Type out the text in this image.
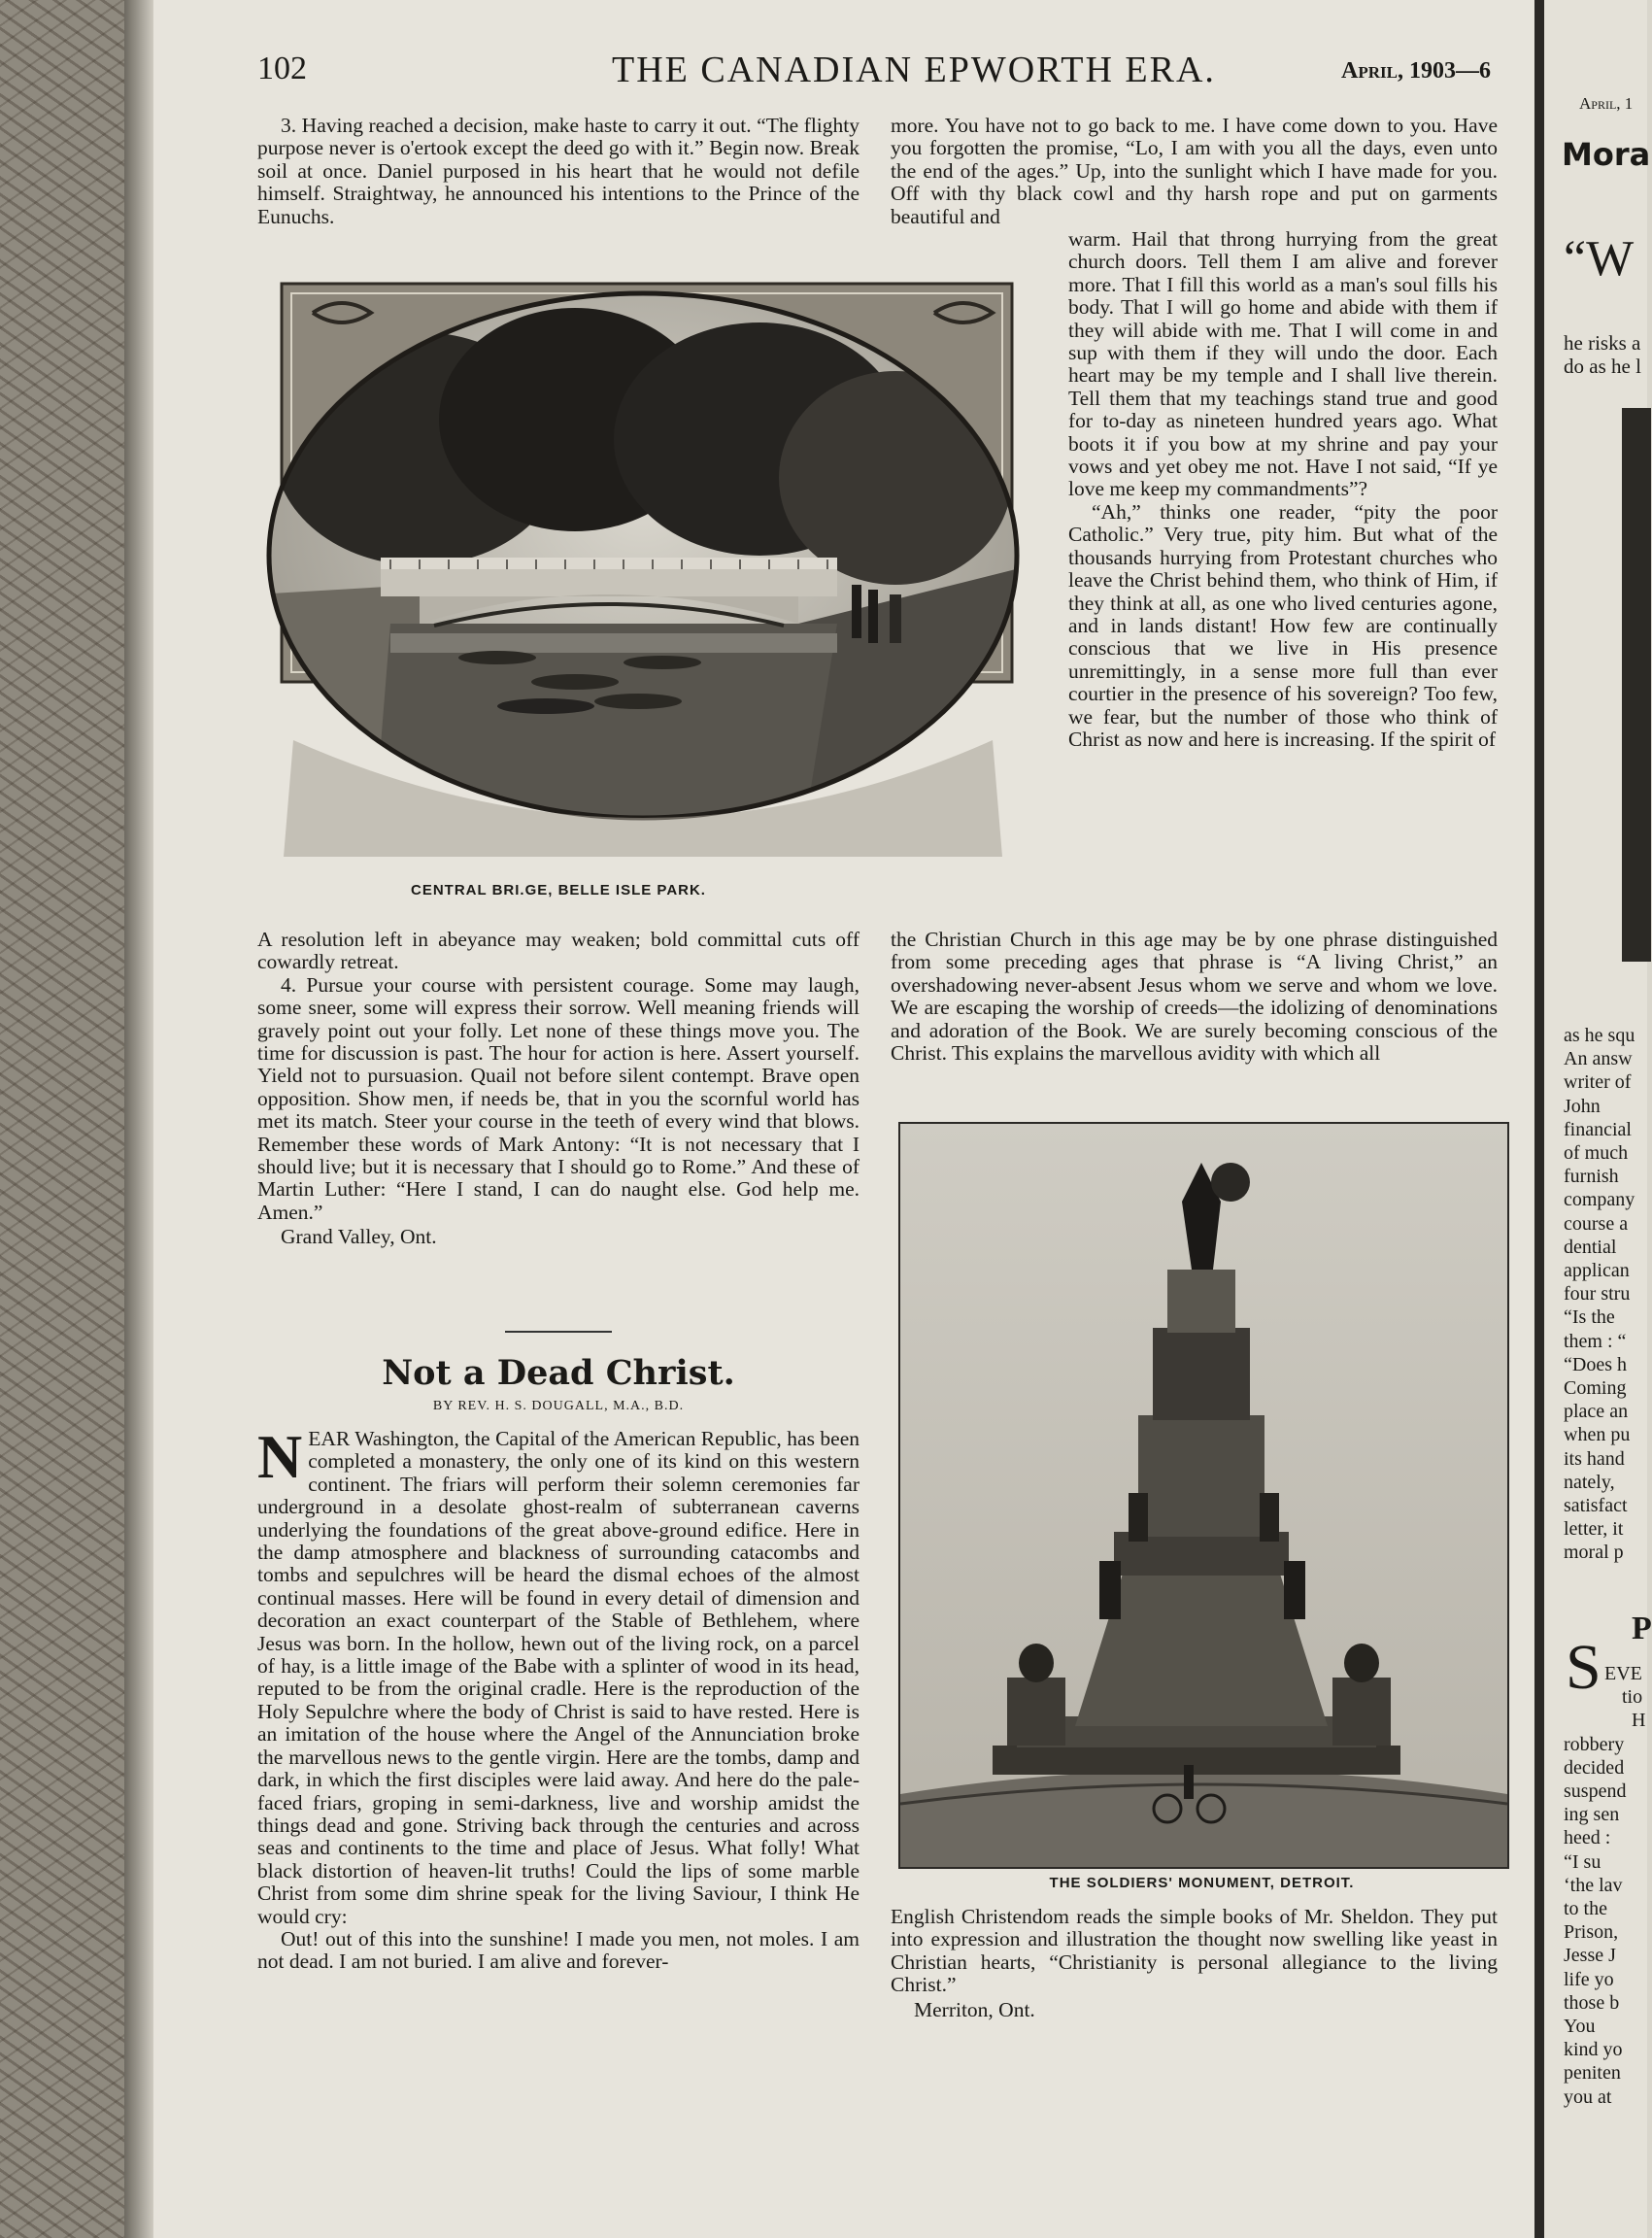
102	THE CANADIAN EPWORTH ERA.	April, 1903—6

3. Having reached a decision, make haste to carry it out. “The flighty purpose never is o'ertook except the deed go with it.” Begin now. Break soil at once. Daniel purposed in his heart that he would not defile himself. Straightway, he announced his intentions to the Prince of the Eunuchs.

CENTRAL BRI.GE, BELLE ISLE PARK.

A resolution left in abeyance may weaken; bold committal cuts off cowardly retreat.

4. Pursue your course with persistent courage. Some may laugh, some sneer, some will express their sorrow. Well meaning friends will gravely point out your folly. Let none of these things move you. The time for discussion is past. The hour for action is here. Assert yourself. Yield not to pursuasion. Quail not before silent contempt. Brave open opposition. Show men, if needs be, that in you the scornful world has met its match. Steer your course in the teeth of every wind that blows. Remember these words of Mark Antony: “It is not necessary that I should live; but it is necessary that I should go to Rome.” And these of Martin Luther: “Here I stand, I can do naught else. God help me. Amen.”

Grand Valley, Ont.

Not a Dead Christ.
BY REV. H. S. DOUGALL, M.A., B.D.

NEAR Washington, the Capital of the American Republic, has been completed a monastery, the only one of its kind on this western continent. The friars will perform their solemn ceremonies far underground in a desolate ghost-realm of subterranean caverns underlying the foundations of the great above-ground edifice. Here in the damp atmosphere and blackness of surrounding catacombs and tombs and sepulchres will be heard the dismal echoes of the almost continual masses. Here will be found in every detail of dimension and decoration an exact counterpart of the Stable of Bethlehem, where Jesus was born. In the hollow, hewn out of the living rock, on a parcel of hay, is a little image of the Babe with a splinter of wood in its head, reputed to be from the original cradle. Here is the reproduction of the Holy Sepulchre where the body of Christ is said to have rested. Here is an imitation of the house where the Angel of the Annunciation broke the marvellous news to the gentle virgin. Here are the tombs, damp and dark, in which the first disciples were laid away. And here do the pale-faced friars, groping in semi-darkness, live and worship amidst the things dead and gone. Striving back through the centuries and across seas and continents to the time and place of Jesus. What folly! What black distortion of heaven-lit truths! Could the lips of some marble Christ from some dim shrine speak for the living Saviour, I think He would cry:

Out! out of this into the sunshine! I made you men, not moles. I am not dead. I am not buried. I am alive and forever-

more. You have not to go back to me. I have come down to you. Have you forgotten the promise, “Lo, I am with you all the days, even unto the end of the ages.” Up, into the sunlight which I have made for you. Off with thy black cowl and thy harsh rope and put on garments beautiful and

warm. Hail that throng hurrying from the great church doors. Tell them I am alive and forever more. That I fill this world as a man's soul fills his body. That I will go home and abide with them if they will abide with me. That I will come in and sup with them if they will undo the door. Each heart may be my temple and I shall live therein. Tell them that my teachings stand true and good for to-day as nineteen hundred years ago. What boots it if you bow at my shrine and pay your vows and yet obey me not. Have I not said, “If ye love me keep my commandments”?

“Ah,” thinks one reader, “pity the poor Catholic.” Very true, pity him. But what of the thousands hurrying from Protestant churches who leave the Christ behind them, who think of Him, if they think at all, as one who lived centuries agone, and in lands distant! How few are continually conscious that we live in His presence unremittingly, in a sense more full than ever courtier in the presence of his sovereign? Too few, we fear, but the number of those who think of Christ as now and here is increasing. If the spirit of

the Christian Church in this age may be by one phrase distinguished from some preceding ages that phrase is “A living Christ,” an overshadowing never-absent Jesus whom we serve and whom we love. We are escaping the worship of creeds—the idolizing of denominations and adoration of the Book. We are surely becoming conscious of the Christ. This explains the marvellous avidity with which all

THE SOLDIERS' MONUMENT, DETROIT.

English Christendom reads the simple books of Mr. Sheldon. They put into expression and illustration the thought now swelling like yeast in Christian hearts, “Christianity is personal allegiance to the living Christ.”

Merriton, Ont.

April, 1
Mora
“W
he risks a
do as he l
as he squ
An answ
writer of
John
financial
of much
furnish
company
course a
dential
applican
four stru
“Is the
them : “
“Does h
Coming
place an
when pu
its hand
nately,
satisfact
letter, it
moral p
P
S EVE
tio
H
robbery
decided
suspend
ing sen
heed :
“I su
‘the lav
to the
Prison,
Jesse J
life yo
those b
You
kind yo
peniten
you at
